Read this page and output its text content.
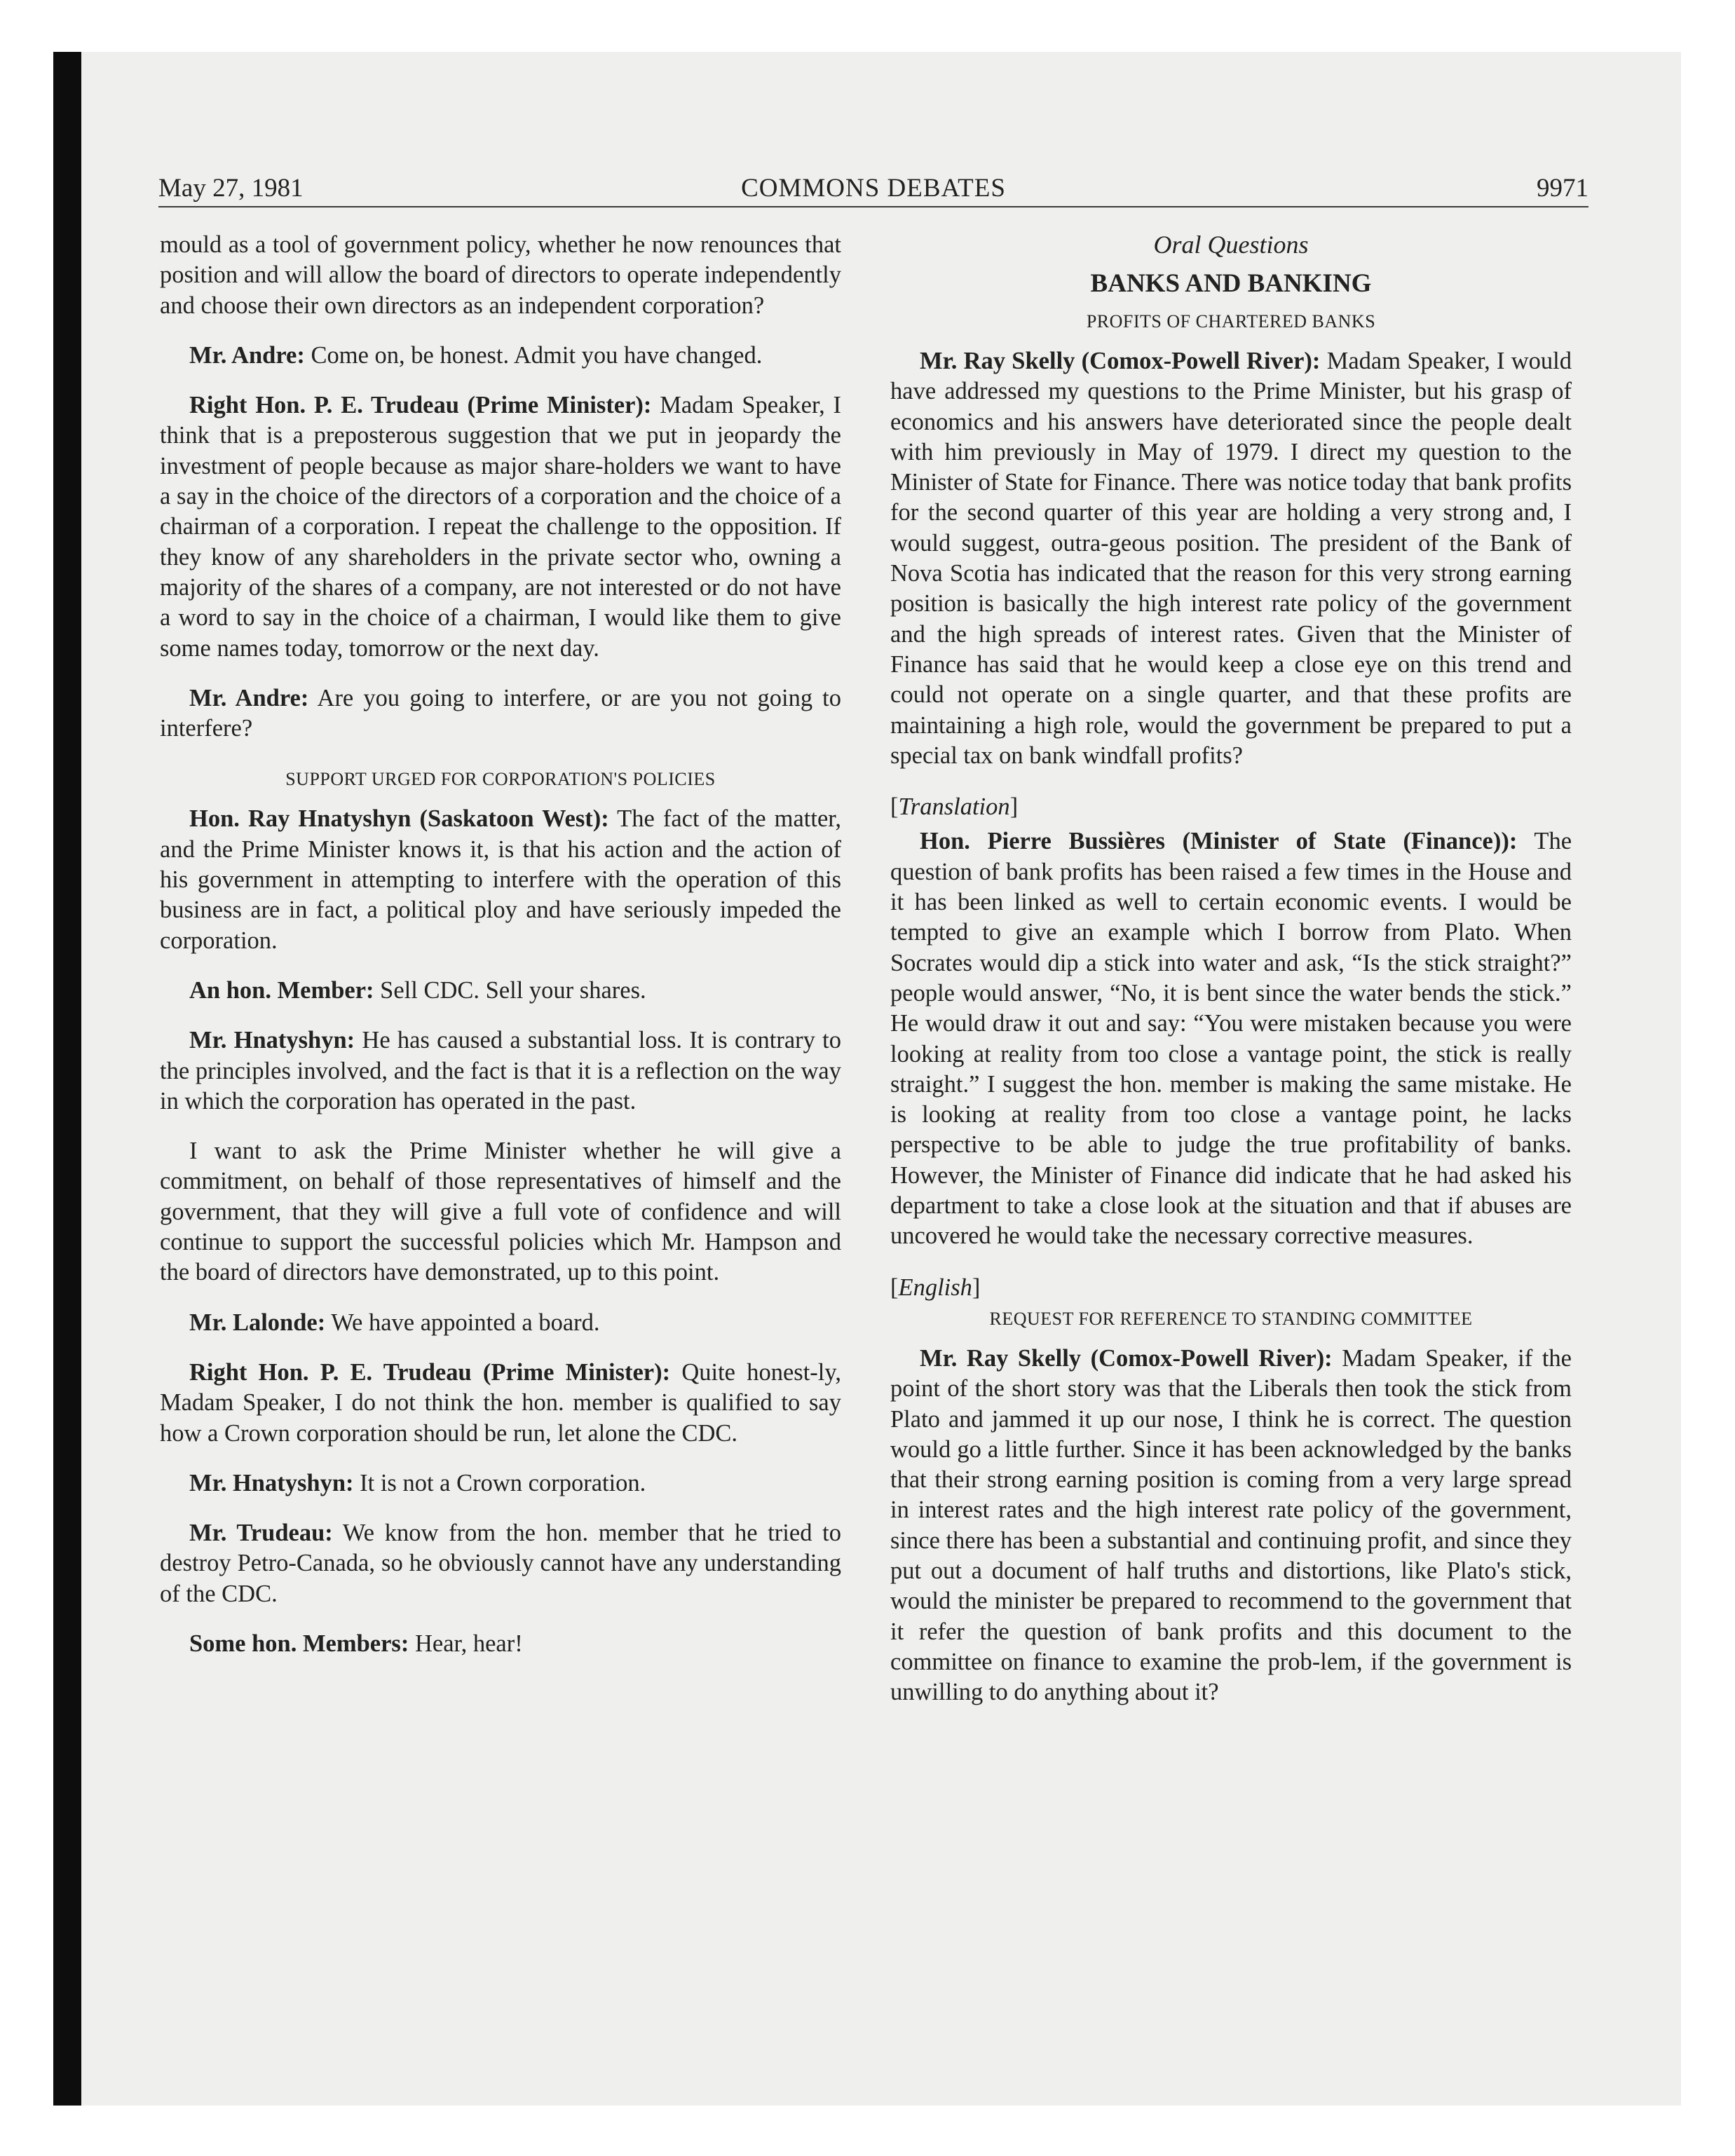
May 27, 1981	COMMONS DEBATES	9971

mould as a tool of government policy, whether he now renounces that position and will allow the board of directors to operate independently and choose their own directors as an independent corporation?

Mr. Andre: Come on, be honest. Admit you have changed.

Right Hon. P. E. Trudeau (Prime Minister): Madam Speaker, I think that is a preposterous suggestion that we put in jeopardy the investment of people because as major share-holders we want to have a say in the choice of the directors of a corporation and the choice of a chairman of a corporation. I repeat the challenge to the opposition. If they know of any shareholders in the private sector who, owning a majority of the shares of a company, are not interested or do not have a word to say in the choice of a chairman, I would like them to give some names today, tomorrow or the next day.

Mr. Andre: Are you going to interfere, or are you not going to interfere?

SUPPORT URGED FOR CORPORATION'S POLICIES

Hon. Ray Hnatyshyn (Saskatoon West): The fact of the matter, and the Prime Minister knows it, is that his action and the action of his government in attempting to interfere with the operation of this business are in fact, a political ploy and have seriously impeded the corporation.

An hon. Member: Sell CDC. Sell your shares.

Mr. Hnatyshyn: He has caused a substantial loss. It is contrary to the principles involved, and the fact is that it is a reflection on the way in which the corporation has operated in the past.

I want to ask the Prime Minister whether he will give a commitment, on behalf of those representatives of himself and the government, that they will give a full vote of confidence and will continue to support the successful policies which Mr. Hampson and the board of directors have demonstrated, up to this point.

Mr. Lalonde: We have appointed a board.

Right Hon. P. E. Trudeau (Prime Minister): Quite honest-ly, Madam Speaker, I do not think the hon. member is qualified to say how a Crown corporation should be run, let alone the CDC.

Mr. Hnatyshyn: It is not a Crown corporation.

Mr. Trudeau: We know from the hon. member that he tried to destroy Petro-Canada, so he obviously cannot have any understanding of the CDC.

Some hon. Members: Hear, hear!

Oral Questions

BANKS AND BANKING

PROFITS OF CHARTERED BANKS

Mr. Ray Skelly (Comox-Powell River): Madam Speaker, I would have addressed my questions to the Prime Minister, but his grasp of economics and his answers have deteriorated since the people dealt with him previously in May of 1979. I direct my question to the Minister of State for Finance. There was notice today that bank profits for the second quarter of this year are holding a very strong and, I would suggest, outra-geous position. The president of the Bank of Nova Scotia has indicated that the reason for this very strong earning position is basically the high interest rate policy of the government and the high spreads of interest rates. Given that the Minister of Finance has said that he would keep a close eye on this trend and could not operate on a single quarter, and that these profits are maintaining a high role, would the government be prepared to put a special tax on bank windfall profits?

[Translation]

Hon. Pierre Bussières (Minister of State (Finance)): The question of bank profits has been raised a few times in the House and it has been linked as well to certain economic events. I would be tempted to give an example which I borrow from Plato. When Socrates would dip a stick into water and ask, “Is the stick straight?” people would answer, “No, it is bent since the water bends the stick.” He would draw it out and say: “You were mistaken because you were looking at reality from too close a vantage point, the stick is really straight.” I suggest the hon. member is making the same mistake. He is looking at reality from too close a vantage point, he lacks perspective to be able to judge the true profitability of banks. However, the Minister of Finance did indicate that he had asked his department to take a close look at the situation and that if abuses are uncovered he would take the necessary corrective measures.

[English]

REQUEST FOR REFERENCE TO STANDING COMMITTEE

Mr. Ray Skelly (Comox-Powell River): Madam Speaker, if the point of the short story was that the Liberals then took the stick from Plato and jammed it up our nose, I think he is correct. The question would go a little further. Since it has been acknowledged by the banks that their strong earning position is coming from a very large spread in interest rates and the high interest rate policy of the government, since there has been a substantial and continuing profit, and since they put out a document of half truths and distortions, like Plato's stick, would the minister be prepared to recommend to the government that it refer the question of bank profits and this document to the committee on finance to examine the prob-lem, if the government is unwilling to do anything about it?
